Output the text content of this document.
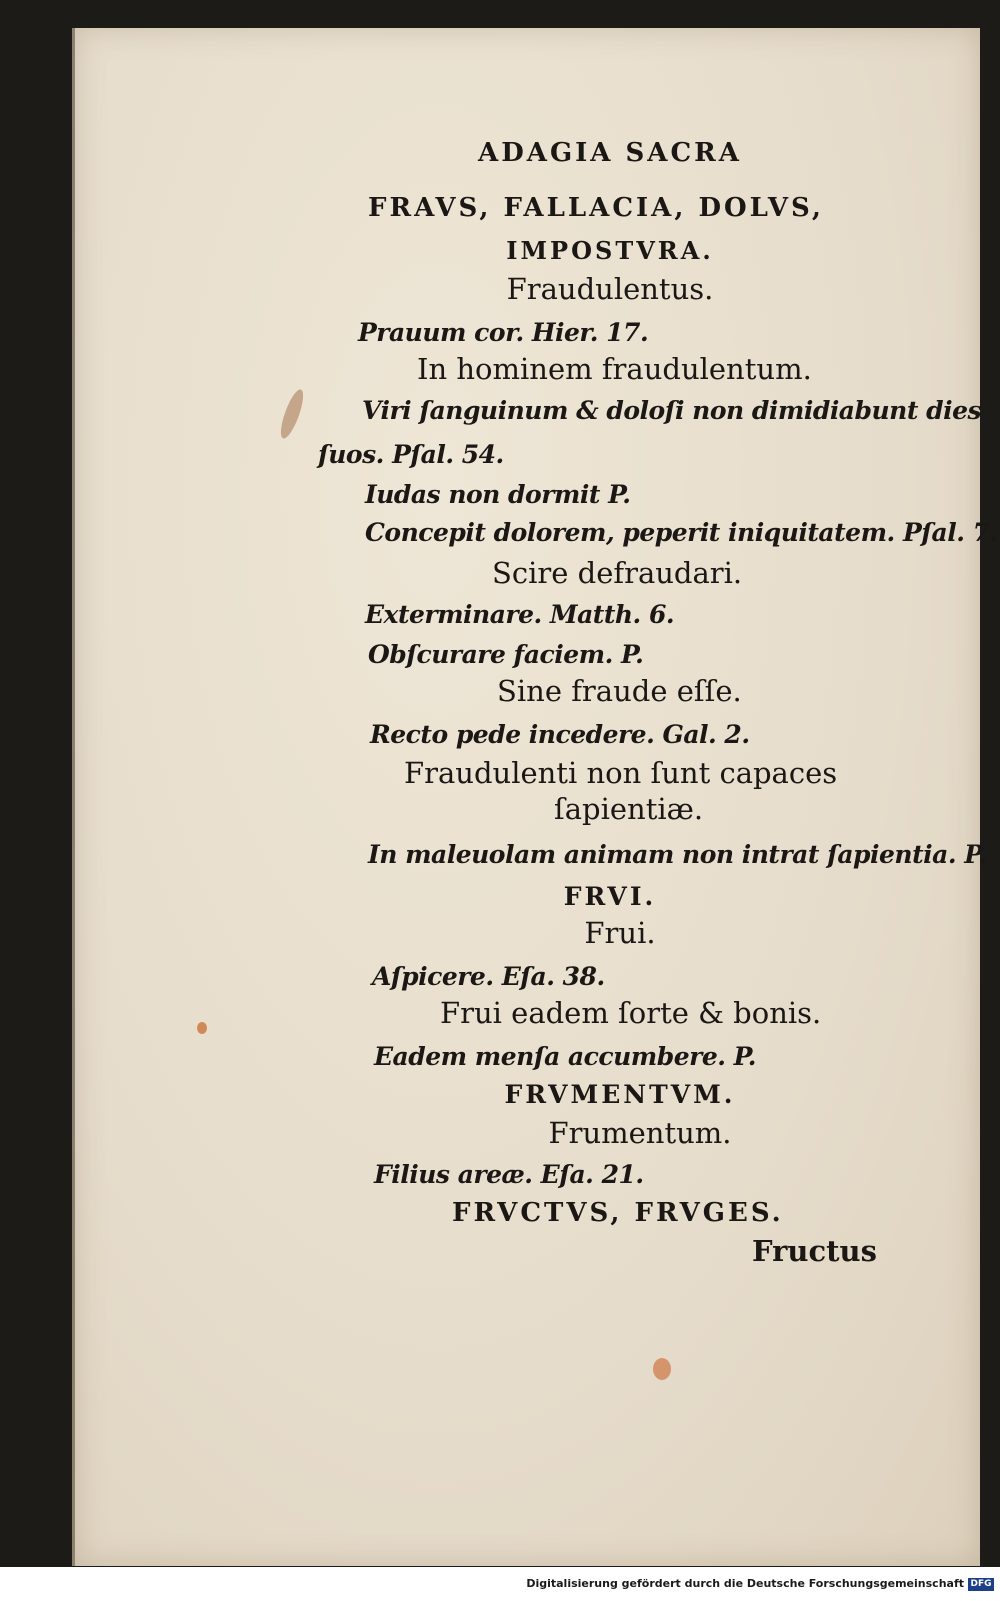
ADAGIA SACRA
FRAVS, FALLACIA, DOLVS,
IMPOSTVRA.
Fraudulentus.
Prauum cor. Hier. 17.
In hominem fraudulentum.
Viri ſanguinum & doloſi non dimidiabunt dies
ſuos. Pſal. 54.
Iudas non dormit P.
Concepit dolorem, peperit iniquitatem. Pſal. 7.
Scire defraudari.
Exterminare. Matth. 6.
Obſcurare faciem. P.
Sine fraude eſſe.
Recto pede incedere. Gal. 2.
Fraudulenti non ſunt capaces
ſapientiæ.
In maleuolam animam non intrat ſapientia. P.
FRVI.
Frui.
Aſpicere. Eſa. 38.
Frui eadem ſorte & bonis.
Eadem menſa accumbere. P.
FRVMENTVM.
Frumentum.
Filius areæ. Eſa. 21.
FRVCTVS, FRVGES.
Fructus
Digitalisierung gefördert durch die Deutsche Forschungsgemeinschaft DFG
